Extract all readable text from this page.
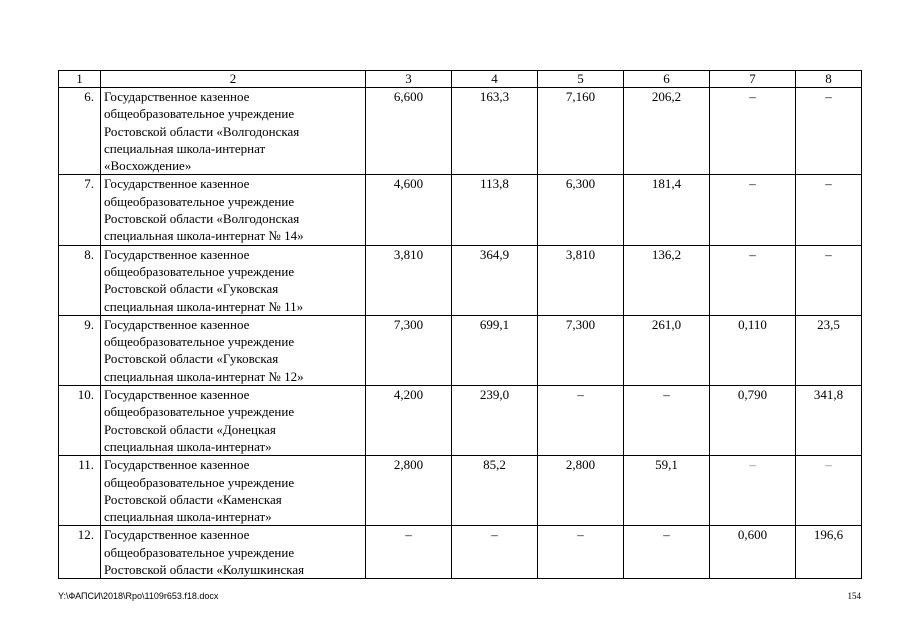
1	2	3	4	5	6	7	8
6.	Государственное казенное
общеобразовательное учреждение
Ростовской области «Волгодонская
специальная школа-интернат
«Восхождение»	6,600	163,3	7,160	206,2	–	–
7.	Государственное казенное
общеобразовательное учреждение
Ростовской области «Волгодонская
специальная школа-интернат № 14»	4,600	113,8	6,300	181,4	–	–
8.	Государственное казенное
общеобразовательное учреждение
Ростовской области «Гуковская
специальная школа-интернат № 11»	3,810	364,9	3,810	136,2	–	–
9.	Государственное казенное
общеобразовательное учреждение
Ростовской области «Гуковская
специальная школа-интернат № 12»	7,300	699,1	7,300	261,0	0,110	23,5
10.	Государственное казенное
общеобразовательное учреждение
Ростовской области «Донецкая
специальная школа-интернат»	4,200	239,0	–	–	0,790	341,8
11.	Государственное казенное
общеобразовательное учреждение
Ростовской области «Каменская
специальная школа-интернат»	2,800	85,2	2,800	59,1	–	–
12.	Государственное казенное
общеобразовательное учреждение
Ростовской области «Колушкинская	–	–	–	–	0,600	196,6
Y:\ФАПСИ\2018\Rpo\1109r653.f18.docx	154
